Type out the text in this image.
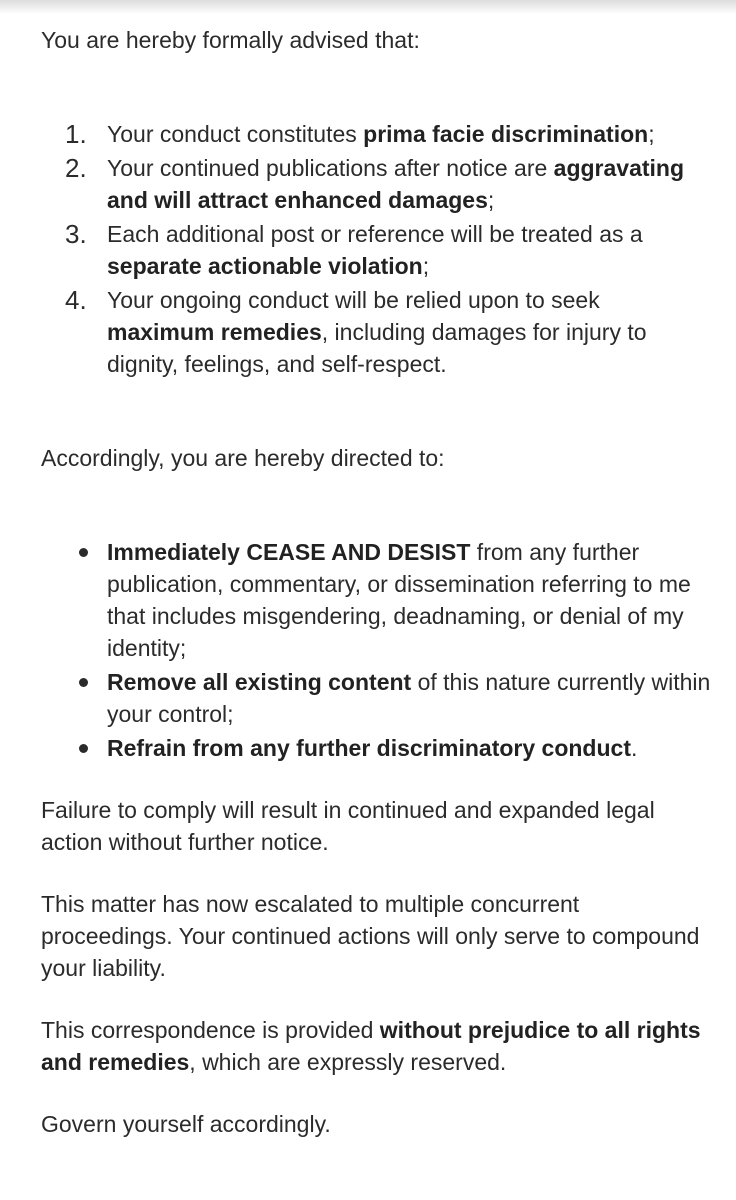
You are hereby formally advised that:

1. Your conduct constitutes prima facie discrimination;
2. Your continued publications after notice are aggravating and will attract enhanced damages;
3. Each additional post or reference will be treated as a separate actionable violation;
4. Your ongoing conduct will be relied upon to seek maximum remedies, including damages for injury to dignity, feelings, and self-respect.

Accordingly, you are hereby directed to:

Immediately CEASE AND DESIST from any further publication, commentary, or dissemination referring to me that includes misgendering, deadnaming, or denial of my identity;
Remove all existing content of this nature currently within your control;
Refrain from any further discriminatory conduct.

Failure to comply will result in continued and expanded legal action without further notice.

This matter has now escalated to multiple concurrent proceedings. Your continued actions will only serve to compound your liability.

This correspondence is provided without prejudice to all rights and remedies, which are expressly reserved.

Govern yourself accordingly.
